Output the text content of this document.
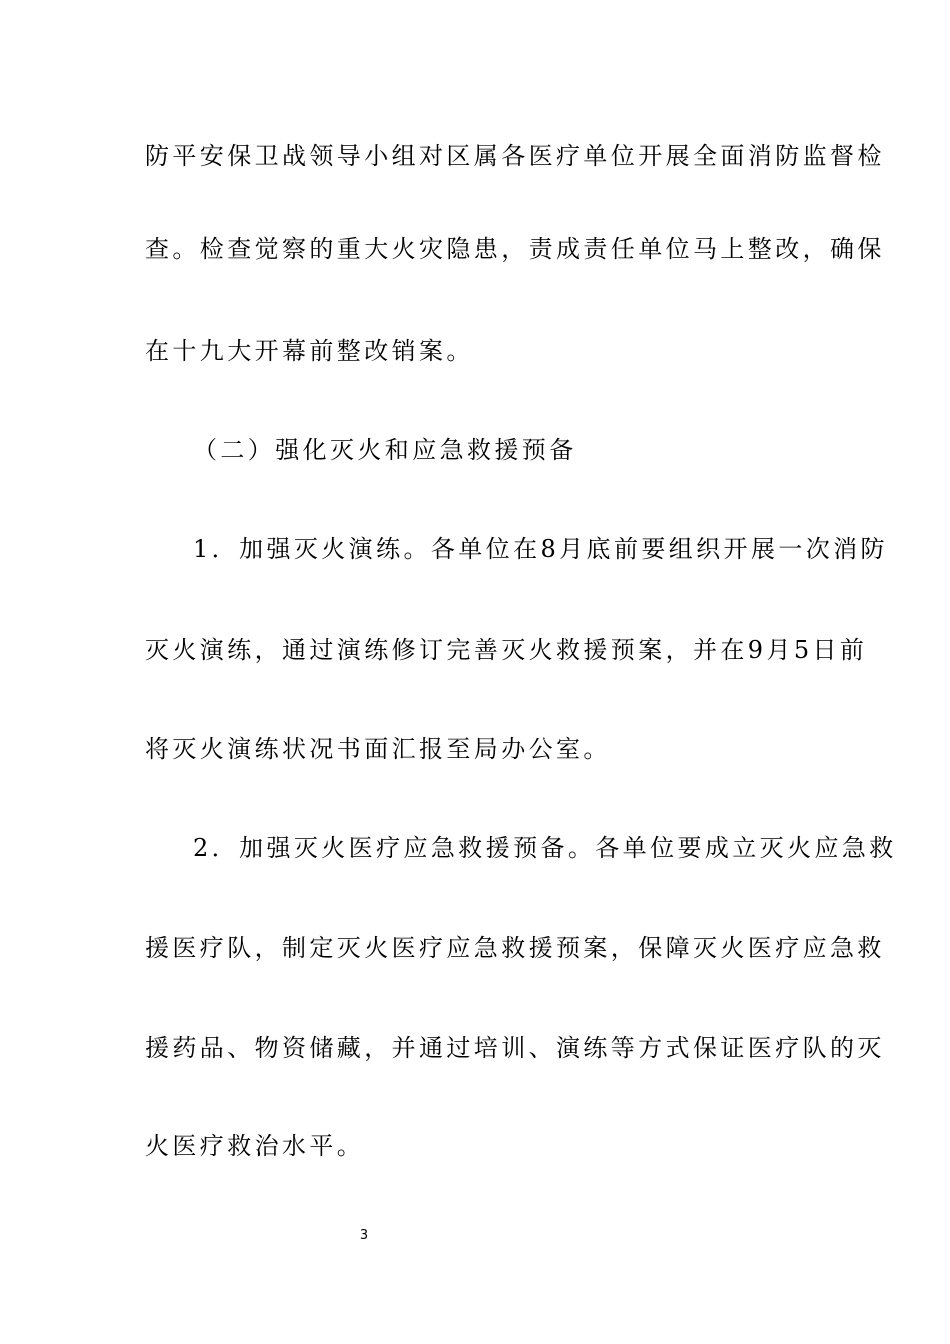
防平安保卫战领导小组对区属各医疗单位开展全面消防监督检
查。检查觉察的重大火灾隐患，责成责任单位马上整改，确保
在十九大开幕前整改销案。
（二）强化灭火和应急救援预备
1．加强灭火演练。各单位在8月底前要组织开展一次消防
灭火演练，通过演练修订完善灭火救援预案，并在9月5日前
将灭火演练状况书面汇报至局办公室。
2．加强灭火医疗应急救援预备。各单位要成立灭火应急救
援医疗队，制定灭火医疗应急救援预案，保障灭火医疗应急救
援药品、物资储藏，并通过培训、演练等方式保证医疗队的灭
火医疗救治水平。
3
